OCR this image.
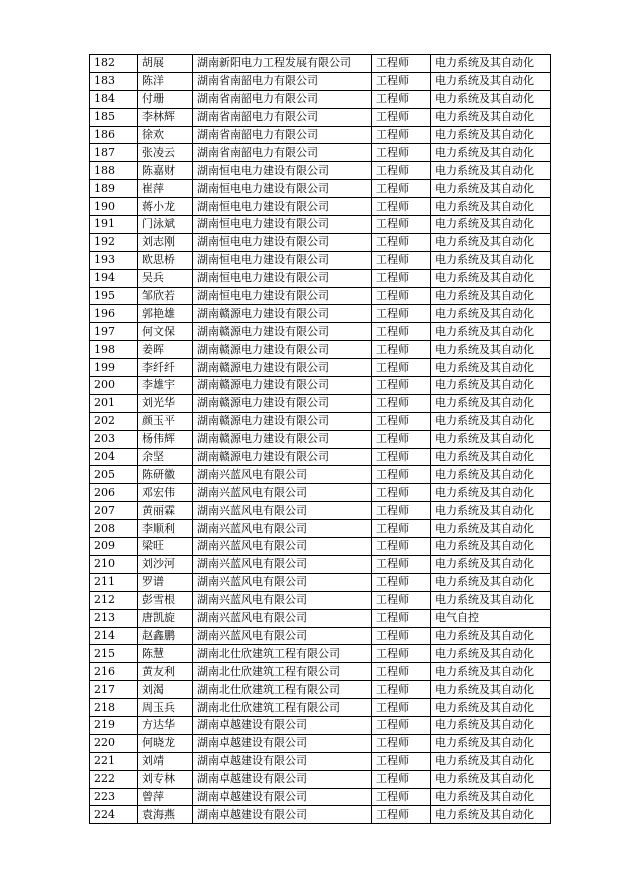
182	胡展	湖南新阳电力工程发展有限公司	工程师	电力系统及其自动化
183	陈洋	湖南省南韶电力有限公司	工程师	电力系统及其自动化
184	付珊	湖南省南韶电力有限公司	工程师	电力系统及其自动化
185	李林辉	湖南省南韶电力有限公司	工程师	电力系统及其自动化
186	徐欢	湖南省南韶电力有限公司	工程师	电力系统及其自动化
187	张凌云	湖南省南韶电力有限公司	工程师	电力系统及其自动化
188	陈嘉财	湖南恒电电力建设有限公司	工程师	电力系统及其自动化
189	崔萍	湖南恒电电力建设有限公司	工程师	电力系统及其自动化
190	蒋小龙	湖南恒电电力建设有限公司	工程师	电力系统及其自动化
191	门泳斌	湖南恒电电力建设有限公司	工程师	电力系统及其自动化
192	刘志刚	湖南恒电电力建设有限公司	工程师	电力系统及其自动化
193	欧思桥	湖南恒电电力建设有限公司	工程师	电力系统及其自动化
194	吴兵	湖南恒电电力建设有限公司	工程师	电力系统及其自动化
195	邹欣若	湖南恒电电力建设有限公司	工程师	电力系统及其自动化
196	郭艳雄	湖南赣源电力建设有限公司	工程师	电力系统及其自动化
197	何文保	湖南赣源电力建设有限公司	工程师	电力系统及其自动化
198	姜晖	湖南赣源电力建设有限公司	工程师	电力系统及其自动化
199	李纤纤	湖南赣源电力建设有限公司	工程师	电力系统及其自动化
200	李雄宇	湖南赣源电力建设有限公司	工程师	电力系统及其自动化
201	刘光华	湖南赣源电力建设有限公司	工程师	电力系统及其自动化
202	颜玉平	湖南赣源电力建设有限公司	工程师	电力系统及其自动化
203	杨伟辉	湖南赣源电力建设有限公司	工程师	电力系统及其自动化
204	余坚	湖南赣源电力建设有限公司	工程师	电力系统及其自动化
205	陈研徽	湖南兴蓝风电有限公司	工程师	电力系统及其自动化
206	邓宏伟	湖南兴蓝风电有限公司	工程师	电力系统及其自动化
207	黄丽霖	湖南兴蓝风电有限公司	工程师	电力系统及其自动化
208	李顺利	湖南兴蓝风电有限公司	工程师	电力系统及其自动化
209	梁旺	湖南兴蓝风电有限公司	工程师	电力系统及其自动化
210	刘沙河	湖南兴蓝风电有限公司	工程师	电力系统及其自动化
211	罗谱	湖南兴蓝风电有限公司	工程师	电力系统及其自动化
212	彭雪根	湖南兴蓝风电有限公司	工程师	电力系统及其自动化
213	唐凯旋	湖南兴蓝风电有限公司	工程师	电气自控
214	赵鑫鹏	湖南兴蓝风电有限公司	工程师	电力系统及其自动化
215	陈慧	湖南北仕欣建筑工程有限公司	工程师	电力系统及其自动化
216	黄友利	湖南北仕欣建筑工程有限公司	工程师	电力系统及其自动化
217	刘渴	湖南北仕欣建筑工程有限公司	工程师	电力系统及其自动化
218	周玉兵	湖南北仕欣建筑工程有限公司	工程师	电力系统及其自动化
219	方达华	湖南卓越建设有限公司	工程师	电力系统及其自动化
220	何晓龙	湖南卓越建设有限公司	工程师	电力系统及其自动化
221	刘靖	湖南卓越建设有限公司	工程师	电力系统及其自动化
222	刘专林	湖南卓越建设有限公司	工程师	电力系统及其自动化
223	曾萍	湖南卓越建设有限公司	工程师	电力系统及其自动化
224	袁海燕	湖南卓越建设有限公司	工程师	电力系统及其自动化
